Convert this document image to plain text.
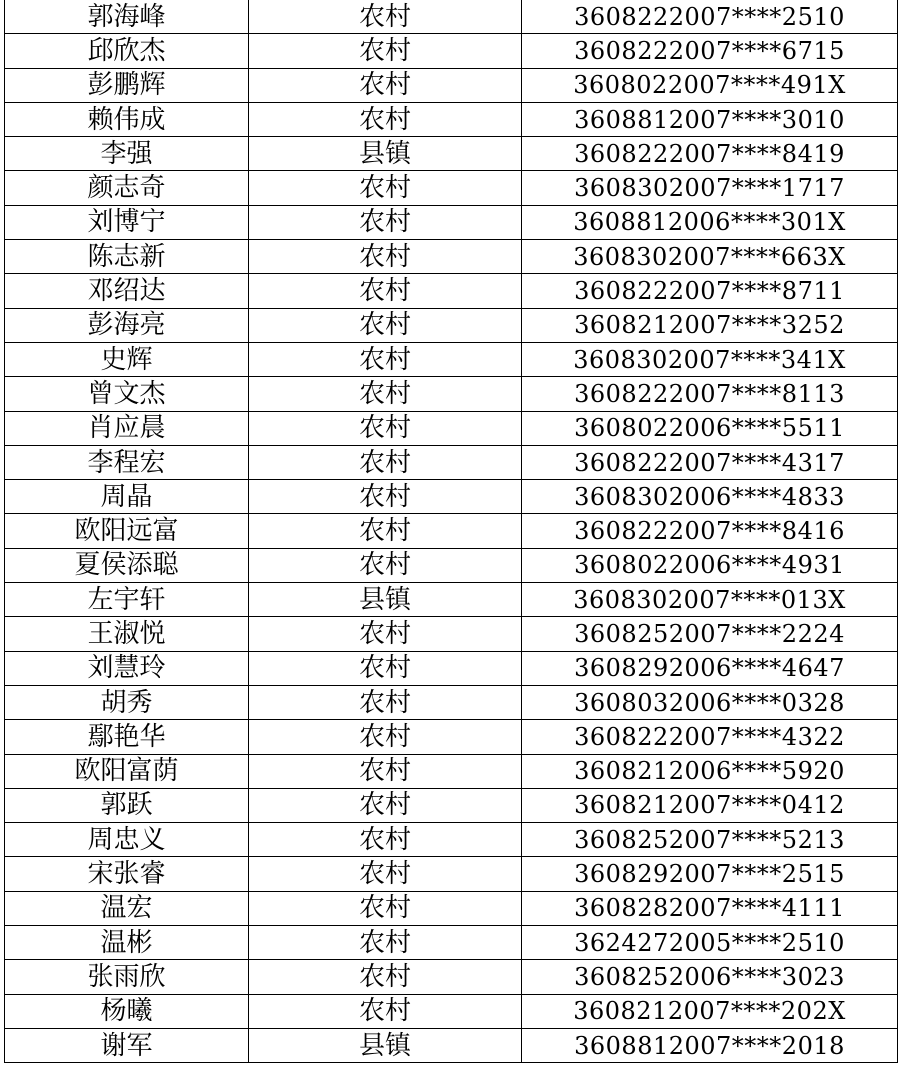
郭海峰	农村	3608222007****2510
邱欣杰	农村	3608222007****6715
彭鹏辉	农村	3608022007****491X
赖伟成	农村	3608812007****3010
李强	县镇	3608222007****8419
颜志奇	农村	3608302007****1717
刘博宁	农村	3608812006****301X
陈志新	农村	3608302007****663X
邓绍达	农村	3608222007****8711
彭海亮	农村	3608212007****3252
史辉	农村	3608302007****341X
曾文杰	农村	3608222007****8113
肖应晨	农村	3608022006****5511
李程宏	农村	3608222007****4317
周晶	农村	3608302006****4833
欧阳远富	农村	3608222007****8416
夏侯添聪	农村	3608022006****4931
左宇轩	县镇	3608302007****013X
王淑悦	农村	3608252007****2224
刘慧玲	农村	3608292006****4647
胡秀	农村	3608032006****0328
鄢艳华	农村	3608222007****4322
欧阳富荫	农村	3608212006****5920
郭跃	农村	3608212007****0412
周忠义	农村	3608252007****5213
宋张睿	农村	3608292007****2515
温宏	农村	3608282007****4111
温彬	农村	3624272005****2510
张雨欣	农村	3608252006****3023
杨曦	农村	3608212007****202X
谢军	县镇	3608812007****2018
